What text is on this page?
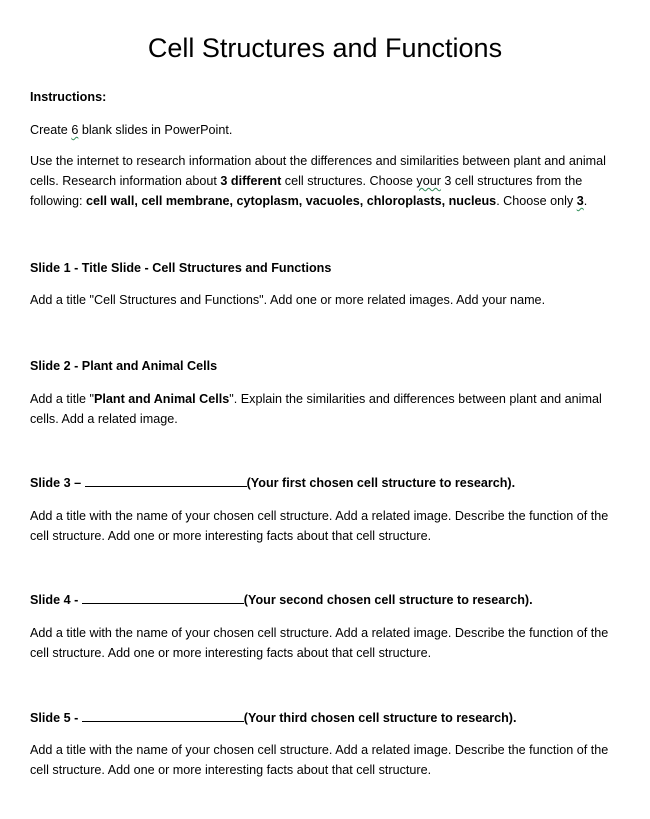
Cell Structures and Functions
Instructions:
Create 6 blank slides in PowerPoint.
Use the internet to research information about the differences and similarities between plant and animal cells. Research information about 3 different cell structures. Choose your 3 cell structures from the following: cell wall, cell membrane, cytoplasm, vacuoles, chloroplasts, nucleus. Choose only 3.
Slide 1 - Title Slide - Cell Structures and Functions
Add a title "Cell Structures and Functions". Add one or more related images. Add your name.
Slide 2 - Plant and Animal Cells
Add a title "Plant and Animal Cells". Explain the similarities and differences between plant and animal cells. Add a related image.
Slide 3 –	(Your first chosen cell structure to research).
Add a title with the name of your chosen cell structure. Add a related image. Describe the function of the cell structure. Add one or more interesting facts about that cell structure.
Slide 4 -	(Your second chosen cell structure to research).
Add a title with the name of your chosen cell structure. Add a related image. Describe the function of the cell structure. Add one or more interesting facts about that cell structure.
Slide 5 -	(Your third chosen cell structure to research).
Add a title with the name of your chosen cell structure. Add a related image. Describe the function of the cell structure. Add one or more interesting facts about that cell structure.
